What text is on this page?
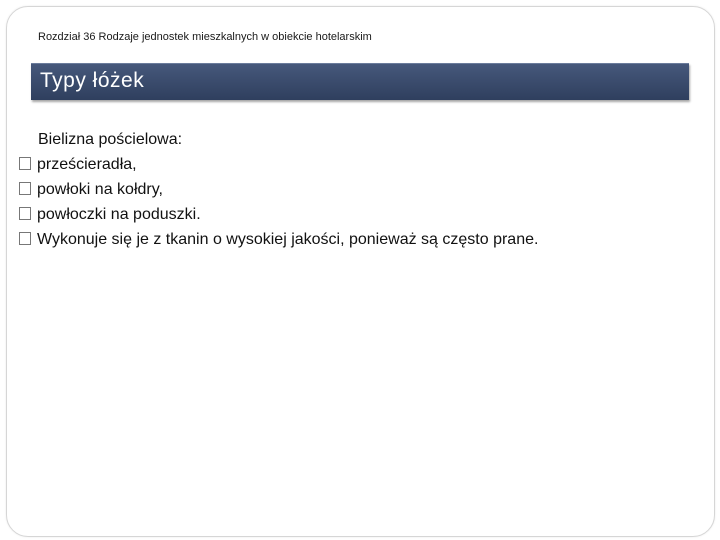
Rozdział 36 Rodzaje jednostek mieszkalnych w obiekcie hotelarskim
Typy łóżek
Bielizna pościelowa:
prześcieradła,
powłoki na kołdry,
powłoczki na poduszki.
Wykonuje się je z tkanin o wysokiej jakości, ponieważ są często prane.
